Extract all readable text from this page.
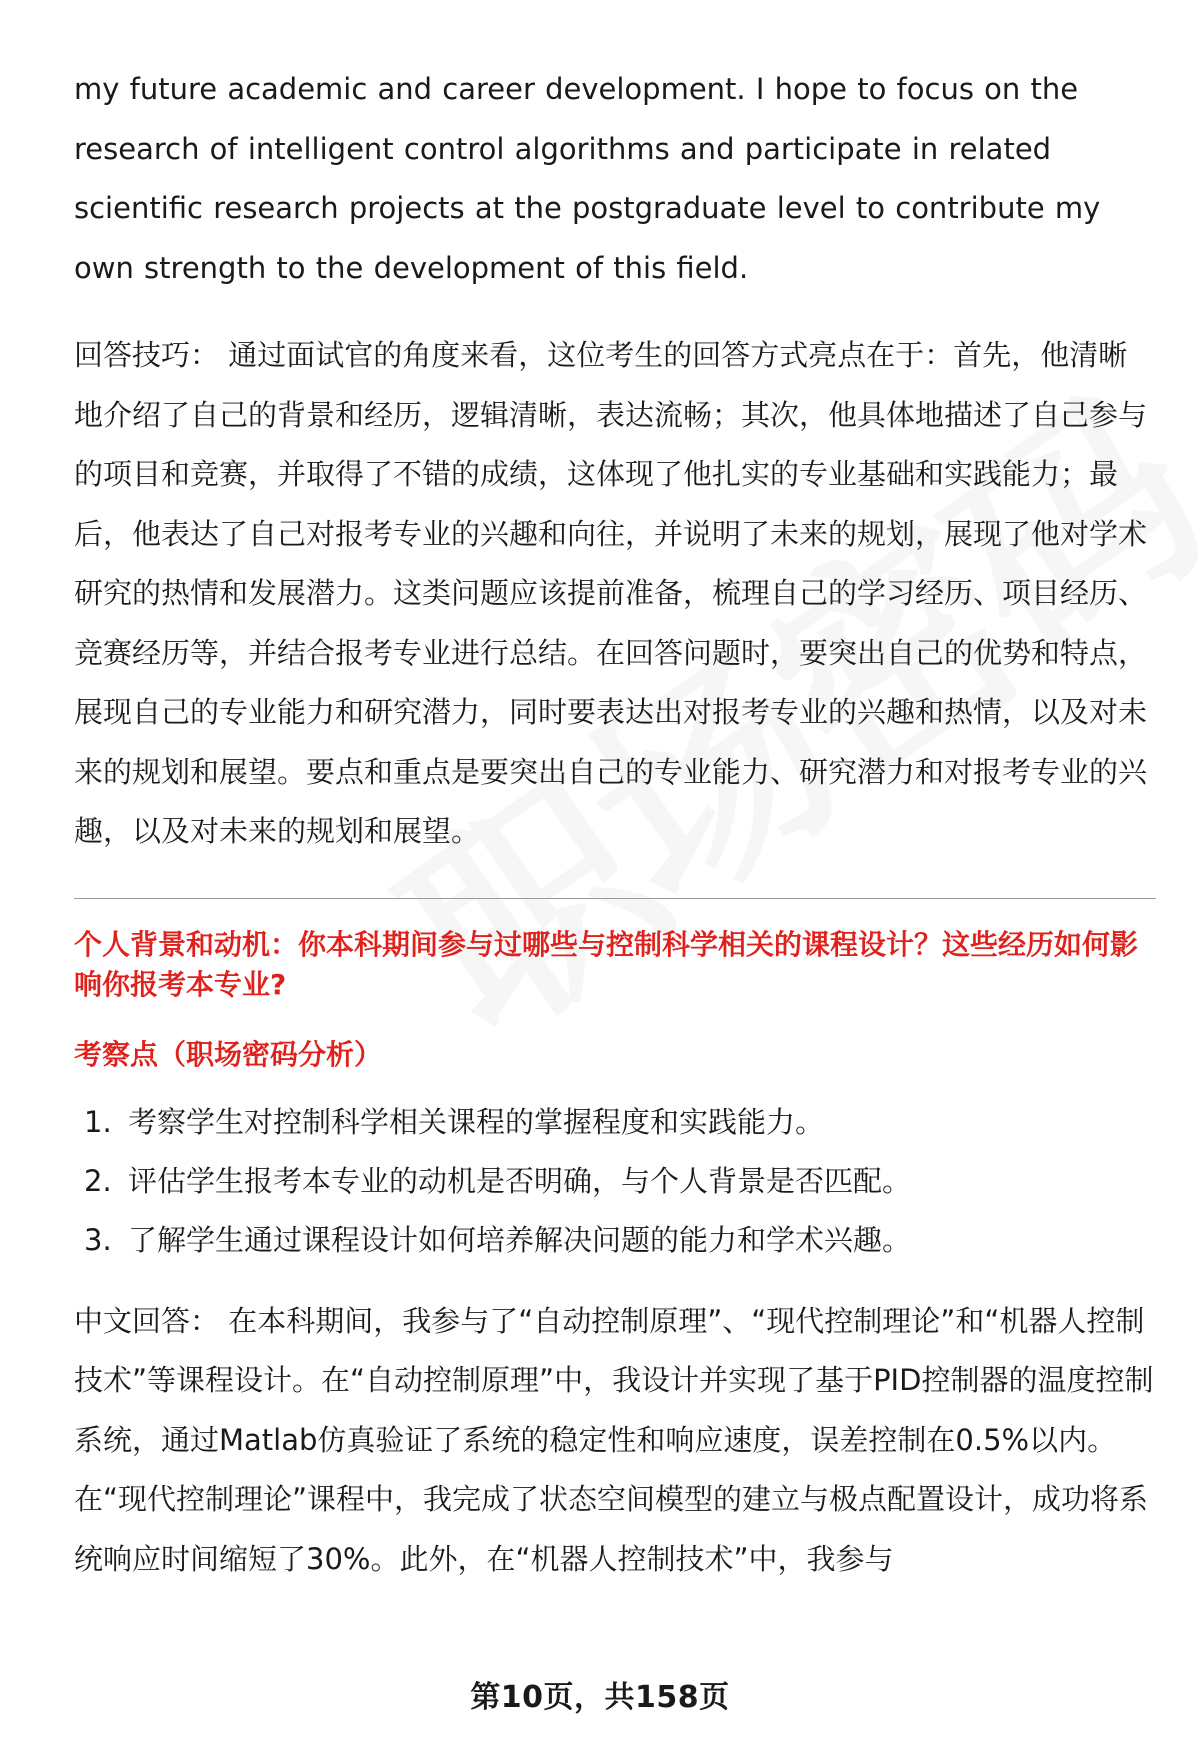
my future academic and career development. I hope to focus on the research of intelligent control algorithms and participate in related scientific research projects at the postgraduate level to contribute my own strength to the development of this field.

回答技巧： 通过面试官的角度来看，这位考生的回答方式亮点在于：首先，他清晰地介绍了自己的背景和经历，逻辑清晰，表达流畅；其次，他具体地描述了自己参与的项目和竞赛，并取得了不错的成绩，这体现了他扎实的专业基础和实践能力；最后，他表达了自己对报考专业的兴趣和向往，并说明了未来的规划，展现了他对学术研究的热情和发展潜力。这类问题应该提前准备，梳理自己的学习经历、项目经历、竞赛经历等，并结合报考专业进行总结。在回答问题时，要突出自己的优势和特点，展现自己的专业能力和研究潜力，同时要表达出对报考专业的兴趣和热情，以及对未来的规划和展望。要点和重点是要突出自己的专业能力、研究潜力和对报考专业的兴趣，以及对未来的规划和展望。

个人背景和动机：你本科期间参与过哪些与控制科学相关的课程设计？这些经历如何影响你报考本专业?
考察点（职场密码分析）
1. 考察学生对控制科学相关课程的掌握程度和实践能力。
2. 评估学生报考本专业的动机是否明确，与个人背景是否匹配。
3. 了解学生通过课程设计如何培养解决问题的能力和学术兴趣。

中文回答： 在本科期间，我参与了“自动控制原理”、“现代控制理论”和“机器人控制技术”等课程设计。在“自动控制原理”中，我设计并实现了基于PID控制器的温度控制系统，通过Matlab仿真验证了系统的稳定性和响应速度，误差控制在0.5%以内。在“现代控制理论”课程中，我完成了状态空间模型的建立与极点配置设计，成功将系统响应时间缩短了30%。此外，在“机器人控制技术”中，我参与

第10页，共158页
